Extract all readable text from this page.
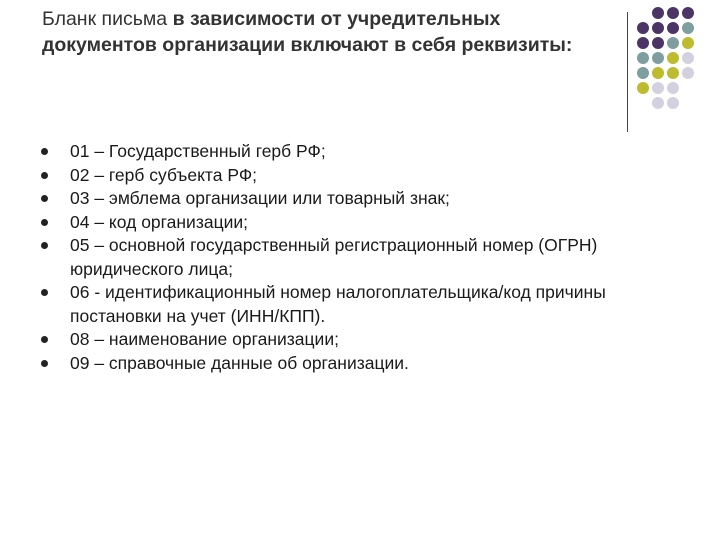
Бланк письма в зависимости от учредительных документов организации включают в себя реквизиты:
01 – Государственный герб РФ;
02 – герб субъекта РФ;
03 – эмблема организации или товарный знак;
04 – код организации;
05 – основной государственный регистрационный номер (ОГРН) юридического лица;
06 - идентификационный номер налогоплательщика/код причины постановки на учет (ИНН/КПП).
08 – наименование организации;
09 – справочные данные об организации.
